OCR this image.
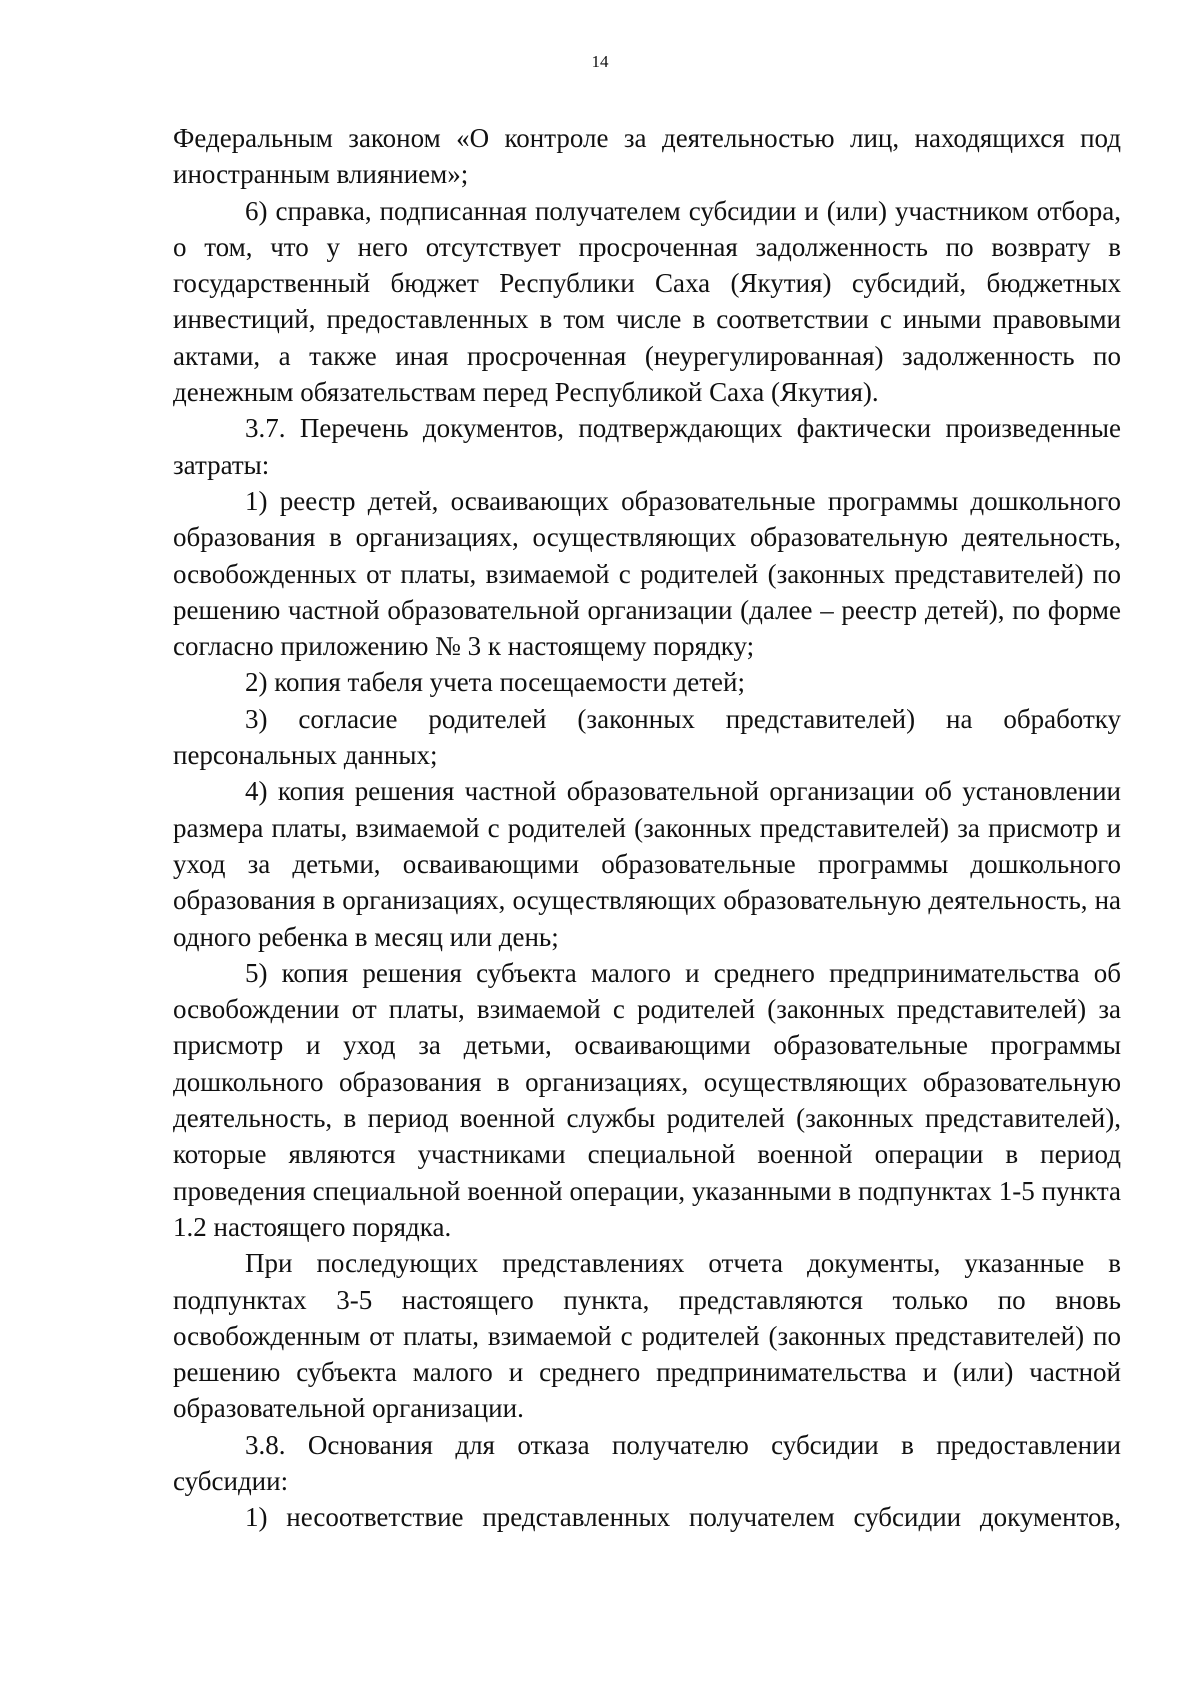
14

Федеральным законом «О контроле за деятельностью лиц, находящихся под иностранным влиянием»;

6) справка, подписанная получателем субсидии и (или) участником отбора, о том, что у него отсутствует просроченная задолженность по возврату в государственный бюджет Республики Саха (Якутия) субсидий, бюджетных инвестиций, предоставленных в том числе в соответствии с иными правовыми актами, а также иная просроченная (неурегулированная) задолженность по денежным обязательствам перед Республикой Саха (Якутия).

3.7. Перечень документов, подтверждающих фактически произведенные затраты:

1) реестр детей, осваивающих образовательные программы дошкольного образования в организациях, осуществляющих образовательную деятельность, освобожденных от платы, взимаемой с родителей (законных представителей) по решению частной образовательной организации (далее – реестр детей), по форме согласно приложению № 3 к настоящему порядку;

2) копия табеля учета посещаемости детей;

3) согласие родителей (законных представителей) на обработку персональных данных;

4) копия решения частной образовательной организации об установлении размера платы, взимаемой с родителей (законных представителей) за присмотр и уход за детьми, осваивающими образовательные программы дошкольного образования в организациях, осуществляющих образовательную деятельность, на одного ребенка в месяц или день;

5) копия решения субъекта малого и среднего предпринимательства об освобождении от платы, взимаемой с родителей (законных представителей) за присмотр и уход за детьми, осваивающими образовательные программы дошкольного образования в организациях, осуществляющих образовательную деятельность, в период военной службы родителей (законных представителей), которые являются участниками специальной военной операции в период проведения специальной военной операции, указанными в подпунктах 1-5 пункта 1.2 настоящего порядка.

При последующих представлениях отчета документы, указанные в подпунктах 3-5 настоящего пункта, представляются только по вновь освобожденным от платы, взимаемой с родителей (законных представителей) по решению субъекта малого и среднего предпринимательства и (или) частной образовательной организации.

3.8. Основания для отказа получателю субсидии в предоставлении субсидии:

1) несоответствие представленных получателем субсидии документов,
